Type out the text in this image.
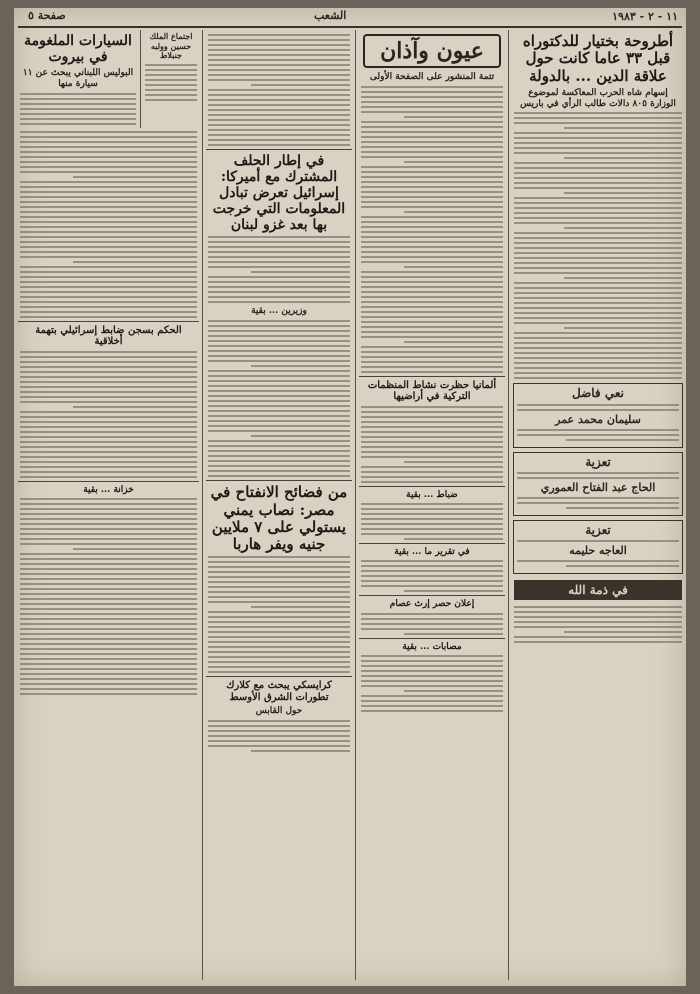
١١ - ٢ - ١٩٨٣
الشعب
صفحة ٥
أطروحة بختيار للدكتوراه قبل ٣٣ عاما كانت حول علاقة الدين ... بالدولة
إسهام شاه الحرب المعاكسة لموضوع الوزارة ٨٠٥ دالات طالب الرأي في باريس
نعي فاضل
سليمان محمد عمر
تعزية
الحاج عبد الفتاح العموري
تعزية
العاجه حليمه
في ذمة الله
عيون وآذان
تتمة المنشور على الصفحة الأولى
ألمانيا حظرت نشاط المنظمات التركية في أراضيها
ضباط ... بقية
في تقرير ما ... بقية
إعلان حصر إرث عصام
مصابات ... بقية
في إطار الحلف المشترك مع أميركا: إسرائيل تعرض تبادل المعلومات التي خرجت بها بعد غزو لبنان
وزيرين ... بقية
من فضائح الانفتاح في مصر: نصاب يمني يستولي على ٧ ملايين جنيه ويفر هاربا
كرايسكي يبحث مع كلارك تطورات الشرق الأوسط
حول القابس
اجتماع الملك حسين وولبه جنبلاط
السيارات الملغومة في بيروت
البوليس اللبناني يبحث عن ١١ سيارة منها
الحكم بسجن ضابط إسرائيلي بتهمة أخلاقية
خزانة ... بقية
